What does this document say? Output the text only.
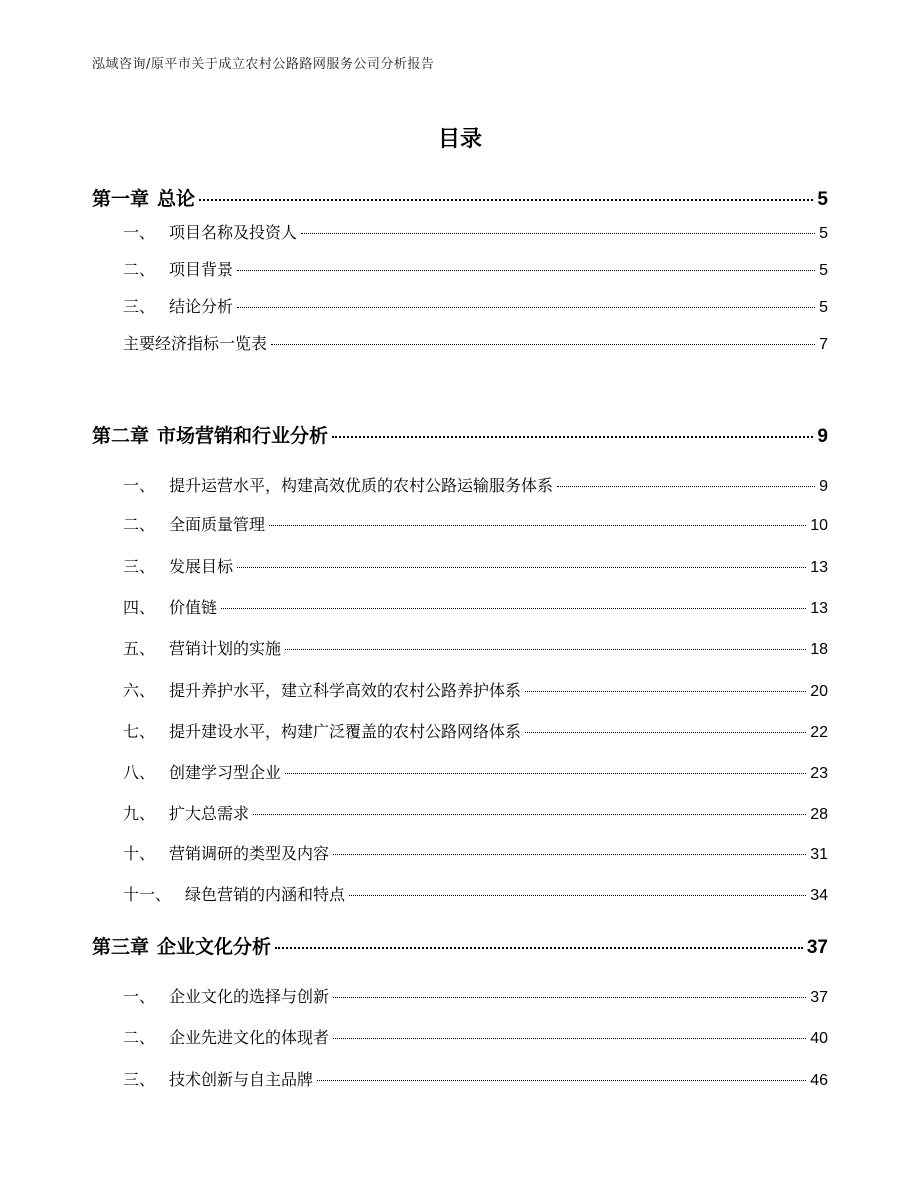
泓域咨询/原平市关于成立农村公路路网服务公司分析报告
目录
第一章 总论	5
一、 项目名称及投资人	5
二、 项目背景	5
三、 结论分析	5
主要经济指标一览表	7
第二章 市场营销和行业分析	9
一、 提升运营水平，构建高效优质的农村公路运输服务体系	9
二、 全面质量管理	10
三、 发展目标	13
四、 价值链	13
五、 营销计划的实施	18
六、 提升养护水平，建立科学高效的农村公路养护体系	20
七、 提升建设水平，构建广泛覆盖的农村公路网络体系	22
八、 创建学习型企业	23
九、 扩大总需求	28
十、 营销调研的类型及内容	31
十一、 绿色营销的内涵和特点	34
第三章 企业文化分析	37
一、 企业文化的选择与创新	37
二、 企业先进文化的体现者	40
三、 技术创新与自主品牌	46
